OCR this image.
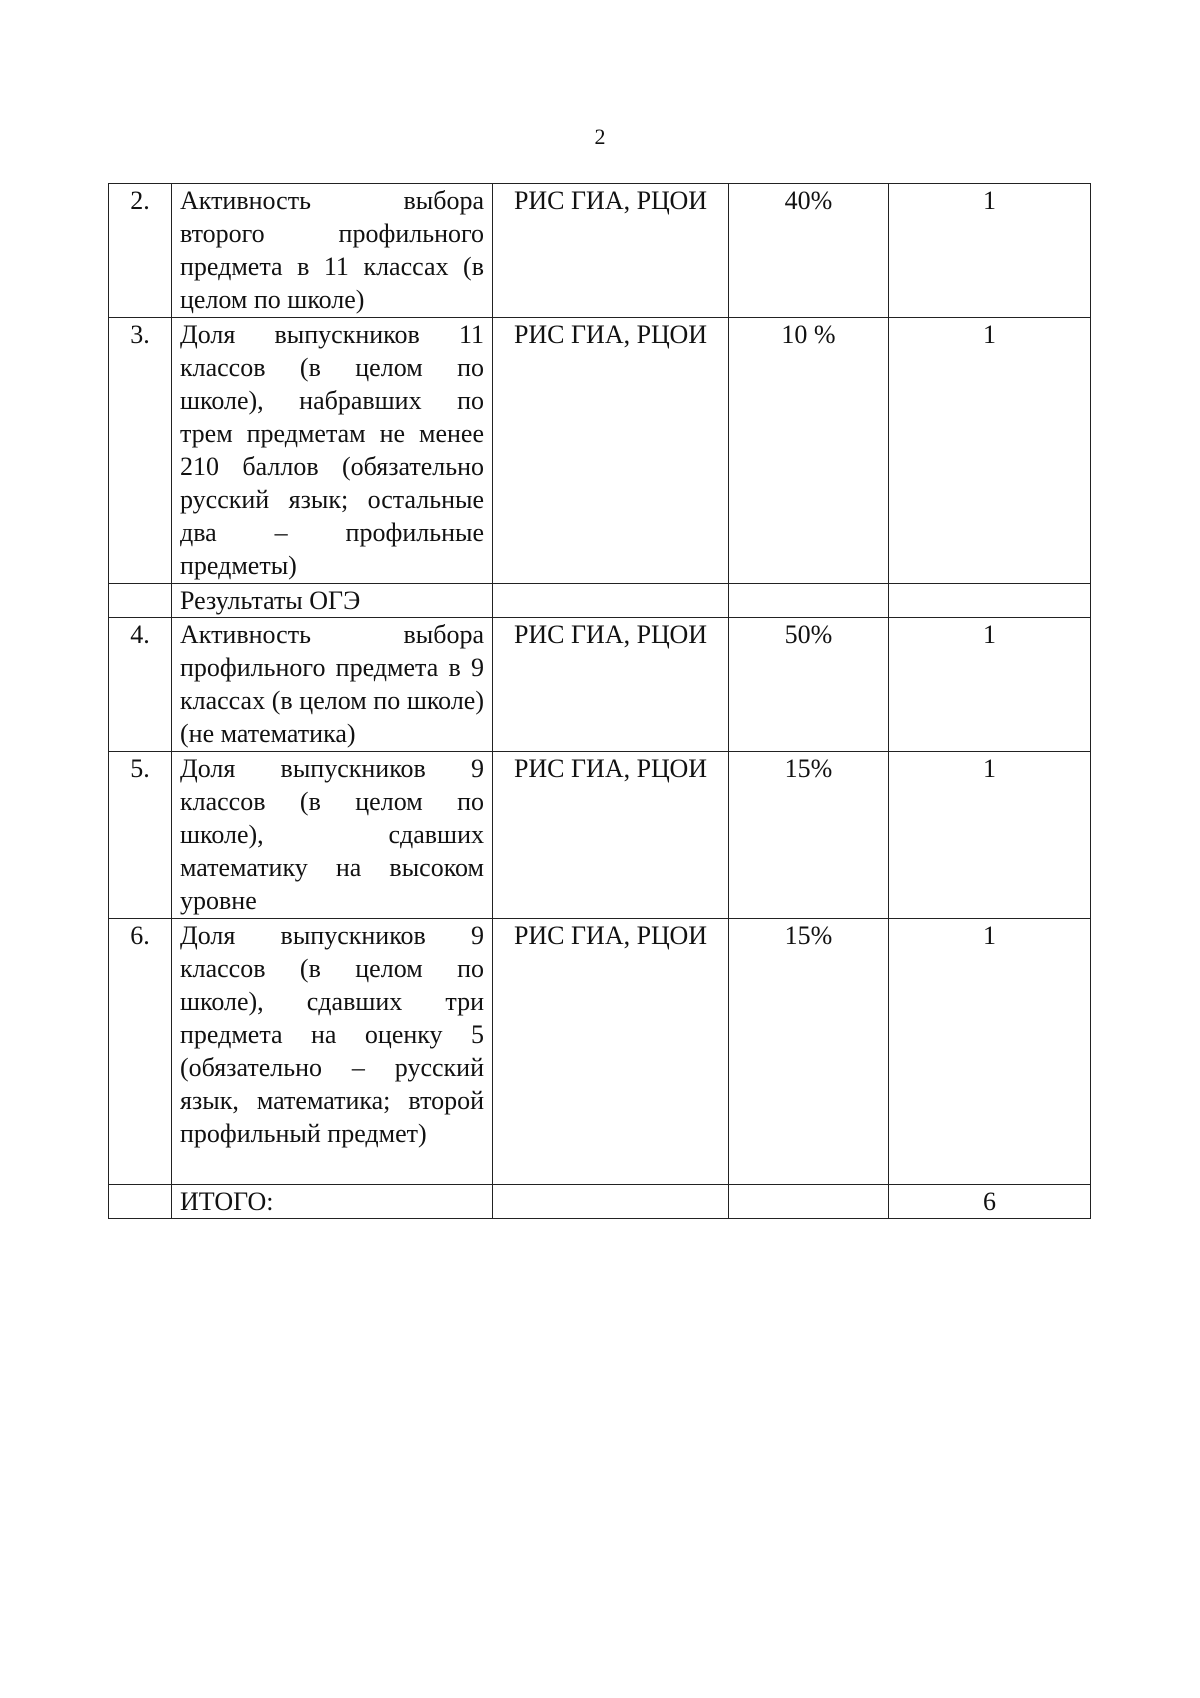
2
2.	Активность выбора второго профильного предмета в 11 классах (в целом по школе)	РИС ГИА, РЦОИ	40%	1
3.	Доля выпускников 11 классов (в целом по школе), набравших по трем предметам не менее 210 баллов (обязательно русский язык; остальные два – профильные предметы)	РИС ГИА, РЦОИ	10 %	1
	Результаты ОГЭ			
4.	Активность выбора профильного предмета в 9 классах (в целом по школе) (не математика)	РИС ГИА, РЦОИ	50%	1
5.	Доля выпускников 9 классов (в целом по школе), сдавших математику на высоком уровне	РИС ГИА, РЦОИ	15%	1
6.	Доля выпускников 9 классов (в целом по школе), сдавших три предмета на оценку 5 (обязательно – русский язык, математика; второй профильный предмет)	РИС ГИА, РЦОИ	15%	1
	ИТОГО:			6
